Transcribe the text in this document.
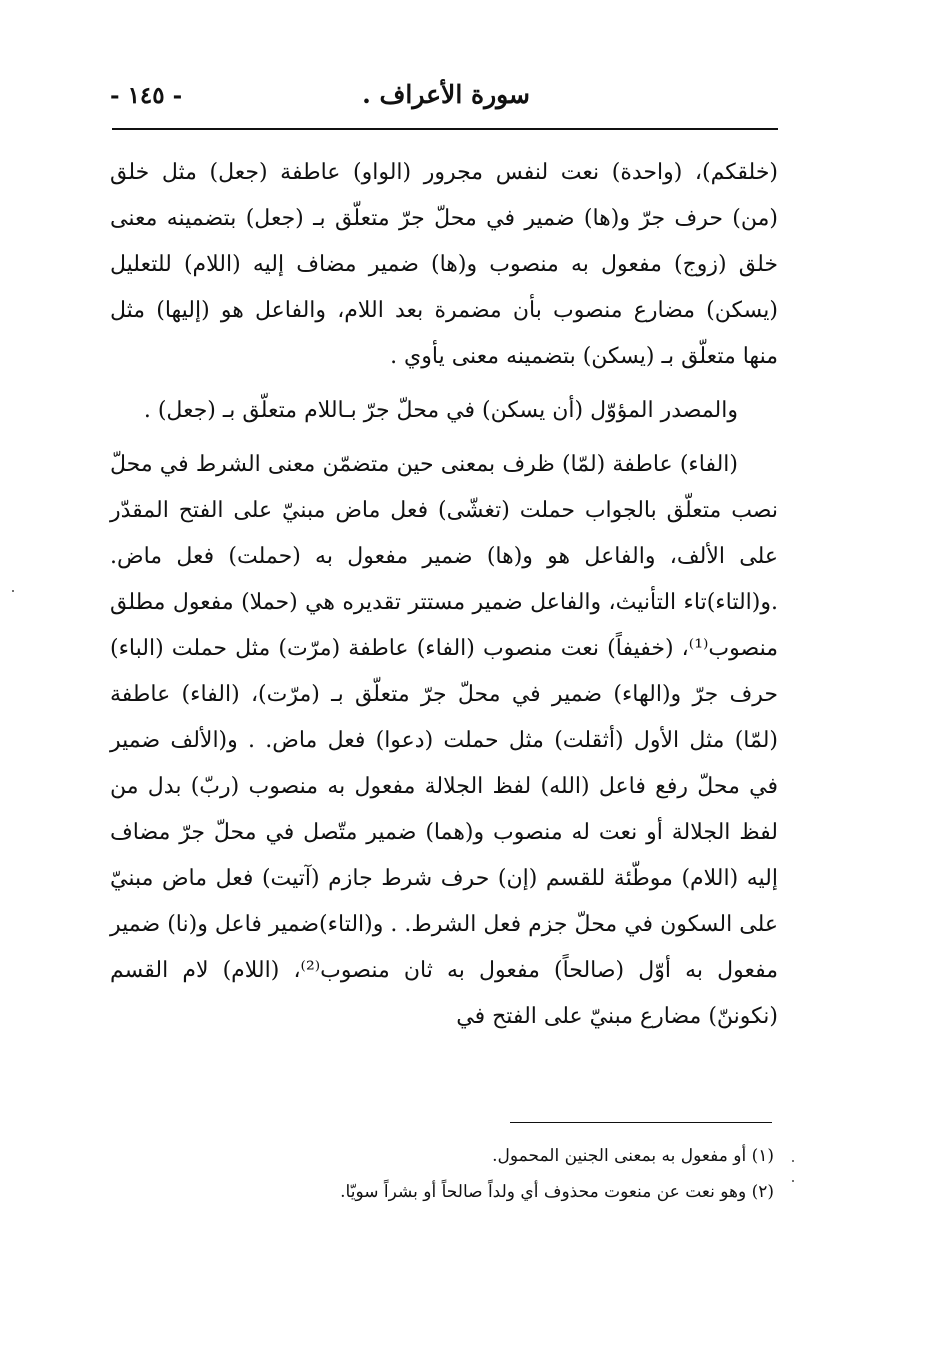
سورة الأعراف .
- ١٤٥ -

(خلقكم)، (واحدة) نعت لنفس مجرور (الواو) عاطفة (جعل) مثل خلق (من) حرف جرّ و(ها) ضمير في محلّ جرّ متعلّق بـ (جعل) بتضمينه معنى خلق (زوج) مفعول به منصوب و(ها) ضمير مضاف إليه (اللام) للتعليل (يسكن) مضارع منصوب بأن مضمرة بعد اللام، والفاعل هو (إليها) مثل منها متعلّق بـ (يسكن) بتضمينه معنى يأوي .

والمصدر المؤوّل (أن يسكن) في محلّ جرّ بـاللام متعلّق بـ (جعل) .

(الفاء) عاطفة (لمّا) ظرف بمعنى حين متضمّن معنى الشرط في محلّ نصب متعلّق بالجواب حملت (تغشّى) فعل ماض مبنيّ على الفتح المقدّر على الألف، والفاعل هو و(ها) ضمير مفعول به (حملت) فعل ماض. .و(التاء)تاء التأنيث، والفاعل ضمير مستتر تقديره هي (حملا) مفعول مطلق منصوب⁽¹⁾، (خفيفاً) نعت منصوب (الفاء) عاطفة (مرّت) مثل حملت (الباء) حرف جرّ و(الهاء) ضمير في محلّ جرّ متعلّق بـ (مرّت)، (الفاء) عاطفة (لمّا) مثل الأول (أثقلت) مثل حملت (دعوا) فعل ماض. . و(الألف ضمير في محلّ رفع فاعل (الله) لفظ الجلالة مفعول به منصوب (ربّ) بدل من لفظ الجلالة أو نعت له منصوب و(هما) ضمير متّصل في محلّ جرّ مضاف إليه (اللام) موطّئة للقسم (إن) حرف شرط جازم (آتيت) فعل ماض مبنيّ على السكون في محلّ جزم فعل الشرط. . و(التاء)ضمير فاعل و(نا) ضمير مفعول به أوّل (صالحاً) مفعول به ثان منصوب⁽²⁾، (اللام) لام القسم (نكوننّ) مضارع مبنيّ على الفتح في

(١) أو مفعول به بمعنى الجنين المحمول.
(٢) وهو نعت عن منعوت محذوف أي ولداً صالحاً أو بشراً سويّا.
